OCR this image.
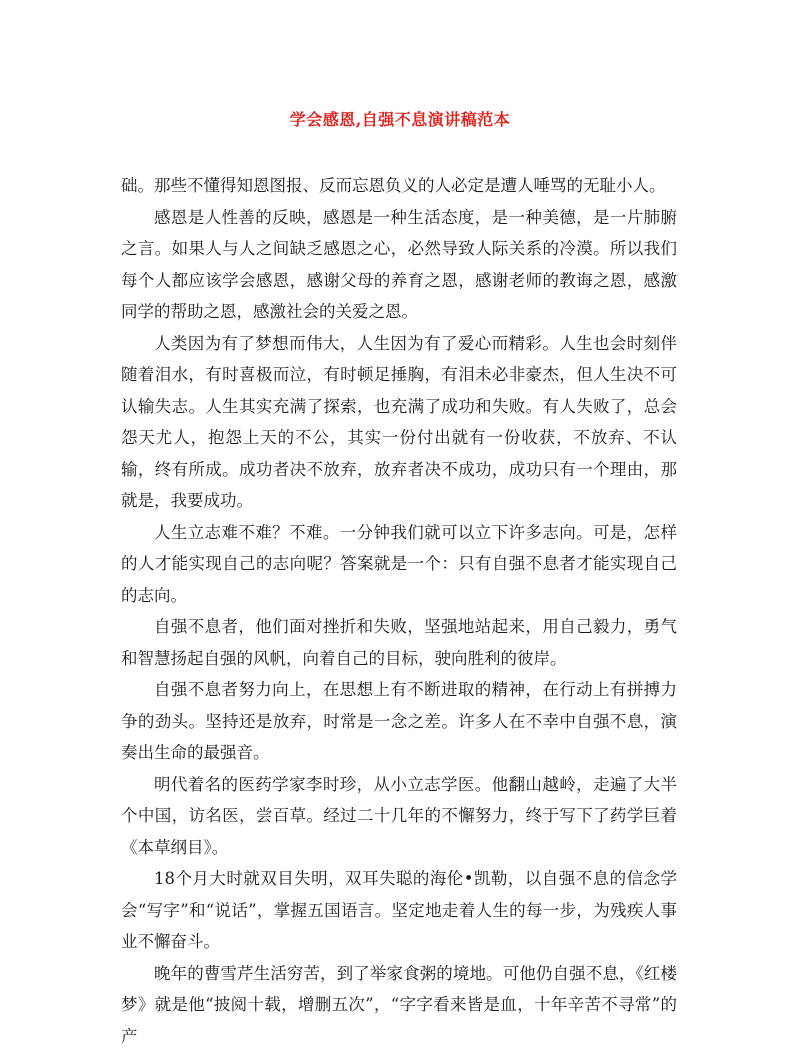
学会感恩,自强不息演讲稿范本

础。那些不懂得知恩图报、反而忘恩负义的人必定是遭人唾骂的无耻小人。

感恩是人性善的反映，感恩是一种生活态度，是一种美德，是一片肺腑之言。如果人与人之间缺乏感恩之心，必然导致人际关系的冷漠。所以我们每个人都应该学会感恩，感谢父母的养育之恩，感谢老师的教诲之恩，感激同学的帮助之恩，感激社会的关爱之恩。

人类因为有了梦想而伟大，人生因为有了爱心而精彩。人生也会时刻伴随着泪水，有时喜极而泣，有时顿足捶胸，有泪未必非豪杰，但人生决不可认输失志。人生其实充满了探索，也充满了成功和失败。有人失败了，总会怨天尤人，抱怨上天的不公，其实一份付出就有一份收获，不放弃、不认输，终有所成。成功者决不放弃，放弃者决不成功，成功只有一个理由，那就是，我要成功。

人生立志难不难？不难。一分钟我们就可以立下许多志向。可是，怎样的人才能实现自己的志向呢？答案就是一个：只有自强不息者才能实现自己的志向。

自强不息者，他们面对挫折和失败，坚强地站起来，用自己毅力，勇气和智慧扬起自强的风帆，向着自己的目标，驶向胜利的彼岸。

自强不息者努力向上，在思想上有不断进取的精神，在行动上有拼搏力争的劲头。坚持还是放弃，时常是一念之差。许多人在不幸中自强不息，演奏出生命的最强音。

明代着名的医药学家李时珍，从小立志学医。他翻山越岭，走遍了大半个中国，访名医，尝百草。经过二十几年的不懈努力，终于写下了药学巨着《本草纲目》。

18个月大时就双目失明，双耳失聪的海伦•凯勒，以自强不息的信念学会“写字”和“说话”，掌握五国语言。坚定地走着人生的每一步，为残疾人事业不懈奋斗。

晚年的曹雪芹生活穷苦，到了举家食粥的境地。可他仍自强不息，《红楼梦》就是他“披阅十载，增删五次”，“字字看来皆是血，十年辛苦不寻常”的产
